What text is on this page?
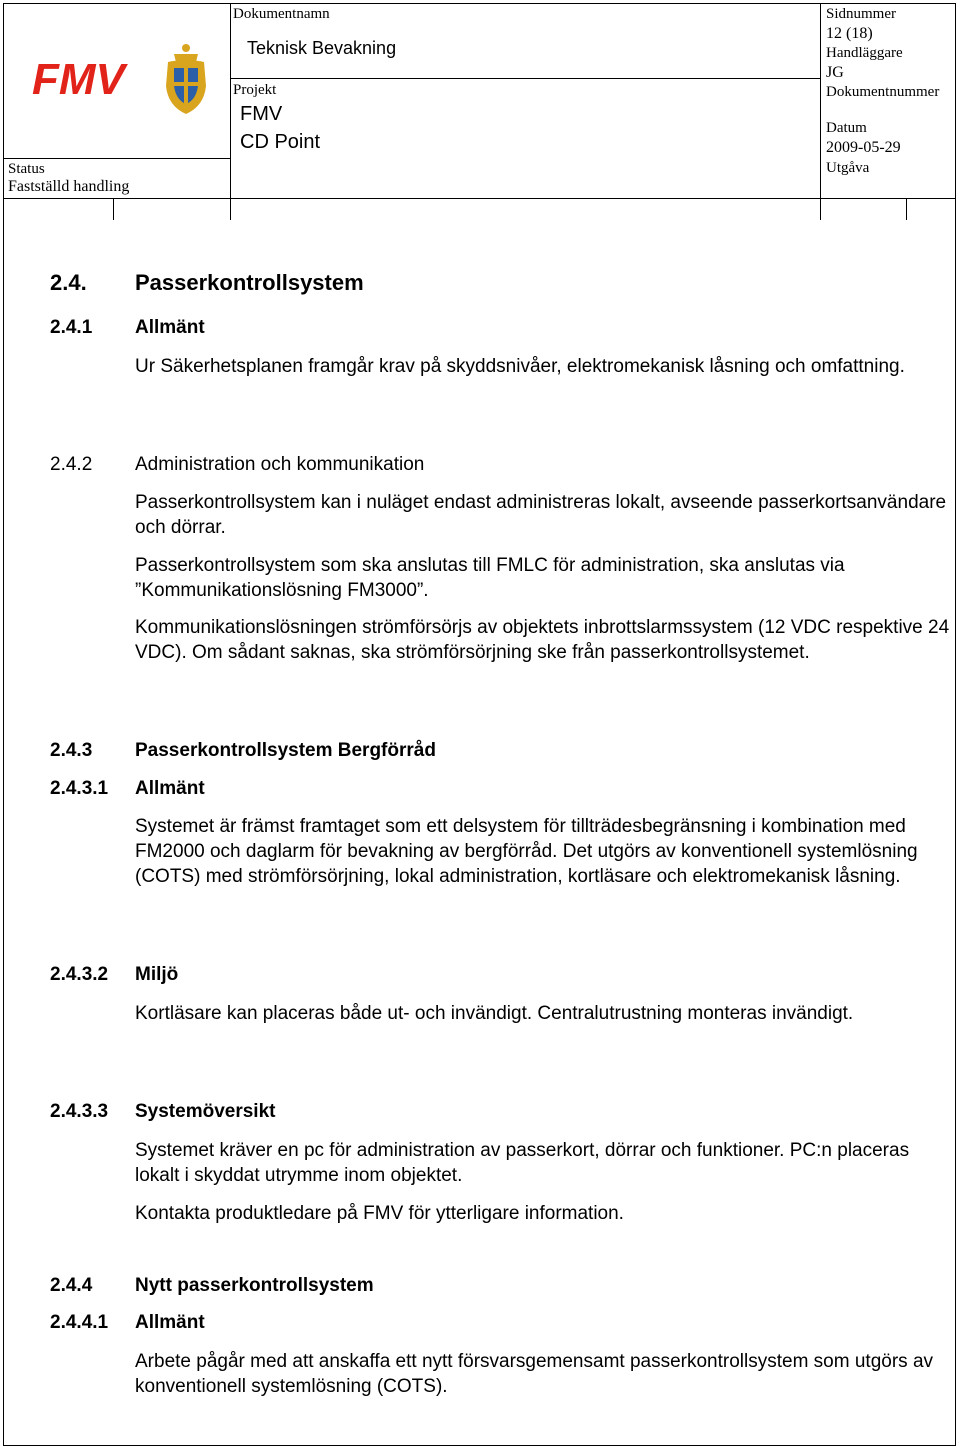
FMV
Status
Fastställd handling
Dokumentnamn
Teknisk Bevakning
Projekt
FMV
CD Point
Sidnummer
12 (18)
Handläggare
JG
Dokumentnummer
Datum
2009-05-29
Utgåva
2.4. Passerkontrollsystem
2.4.1 Allmänt
Ur Säkerhetsplanen framgår krav på skyddsnivåer, elektromekanisk låsning och omfattning.
2.4.2 Administration och kommunikation
Passerkontrollsystem kan i nuläget endast administreras lokalt, avseende passerkortsanvändare och dörrar.
Passerkontrollsystem som ska anslutas till FMLC för administration, ska anslutas via ”Kommunikationslösning FM3000”.
Kommunikationslösningen strömförsörjs av objektets inbrottslarmssystem (12 VDC respektive 24 VDC). Om sådant saknas, ska strömförsörjning ske från passerkontrollsystemet.
2.4.3 Passerkontrollsystem Bergförråd
2.4.3.1 Allmänt
Systemet är främst framtaget som ett delsystem för tillträdesbegränsning i kombination med FM2000 och daglarm för bevakning av bergförråd. Det utgörs av konventionell systemlösning (COTS) med strömförsörjning, lokal administration, kortläsare och elektromekanisk låsning.
2.4.3.2 Miljö
Kortläsare kan placeras både ut- och invändigt. Centralutrustning monteras invändigt.
2.4.3.3 Systemöversikt
Systemet kräver en pc för administration av passerkort, dörrar och funktioner. PC:n placeras lokalt i skyddat utrymme inom objektet.
Kontakta produktledare på FMV för ytterligare information.
2.4.4 Nytt passerkontrollsystem
2.4.4.1 Allmänt
Arbete pågår med att anskaffa ett nytt försvarsgemensamt passerkontrollsystem som utgörs av konventionell systemlösning (COTS).
